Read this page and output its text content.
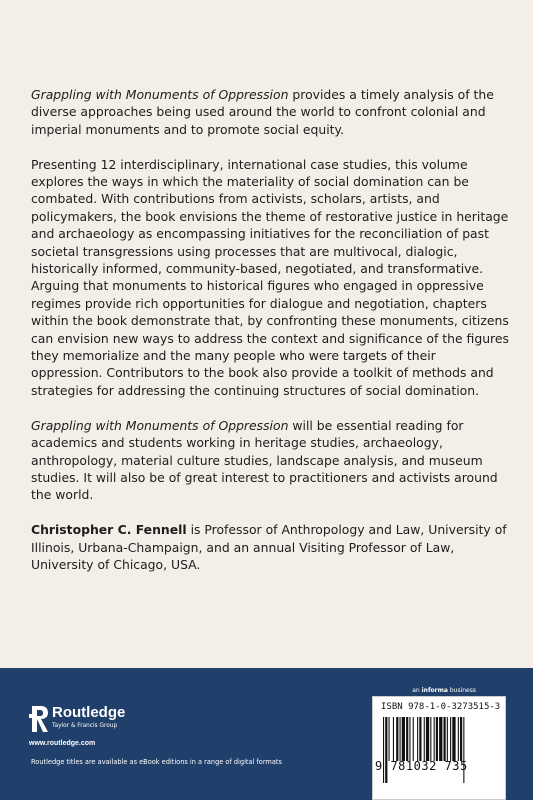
Grappling with Monuments of Oppression provides a timely analysis of the diverse approaches being used around the world to confront colonial and imperial monuments and to promote social equity.

Presenting 12 interdisciplinary, international case studies, this volume explores the ways in which the materiality of social domination can be combated. With contributions from activists, scholars, artists, and policymakers, the book envisions the theme of restorative justice in heritage and archaeology as encompassing initiatives for the reconciliation of past societal transgressions using processes that are multivocal, dialogic, historically informed, community-based, negotiated, and transformative. Arguing that monuments to historical figures who engaged in oppressive regimes provide rich opportunities for dialogue and negotiation, chapters within the book demonstrate that, by confronting these monuments, citizens can envision new ways to address the context and significance of the figures they memorialize and the many people who were targets of their oppression. Contributors to the book also provide a toolkit of methods and strategies for addressing the continuing structures of social domination.

Grappling with Monuments of Oppression will be essential reading for academics and students working in heritage studies, archaeology, anthropology, material culture studies, landscape analysis, and museum studies. It will also be of great interest to practitioners and activists around the world.

Christopher C. Fennell is Professor of Anthropology and Law, University of Illinois, Urbana-Champaign, and an annual Visiting Professor of Law, University of Chicago, USA.

an informa business
Routledge
Taylor & Francis Group
www.routledge.com
Routledge titles are available as eBook editions in a range of digital formats
ISBN 978-1-0-3273515-3
9 781032 735
